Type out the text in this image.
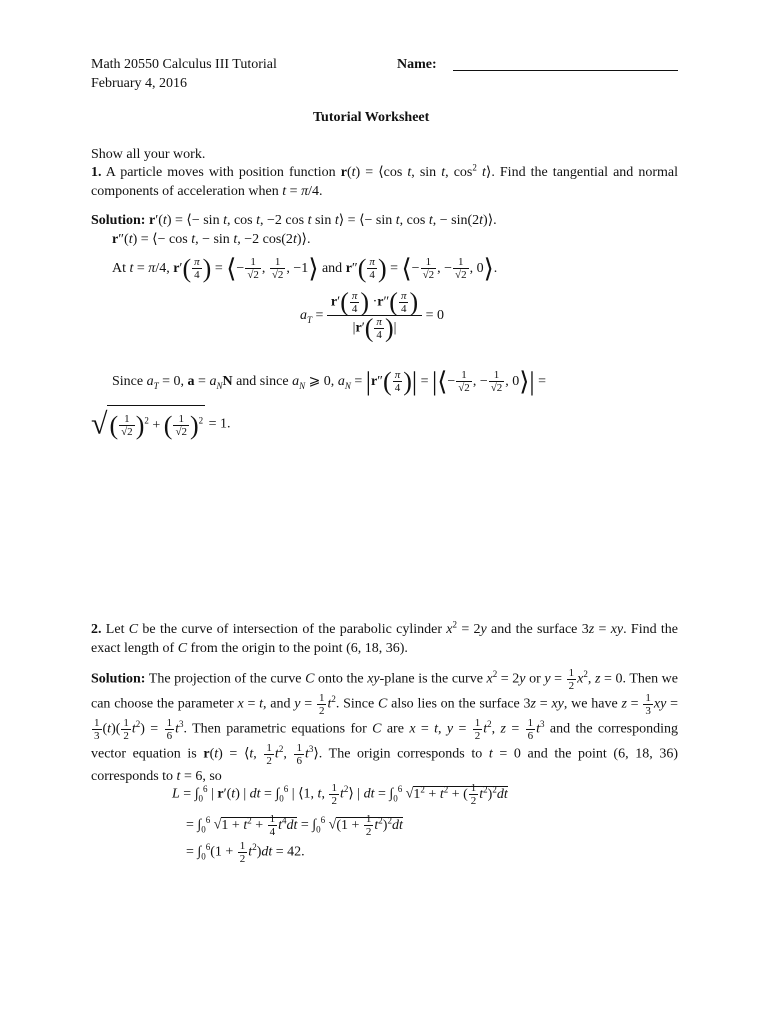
Math 20550 Calculus III Tutorial
February 4, 2016
Name:
Tutorial Worksheet
Show all your work.

1. A particle moves with position function r(t) = ⟨cos t, sin t, $\cos^2$ t⟩. Find the tangential and normal components of acceleration when t = π/4.

Solution: r′(t) = ⟨− sin t, cos t, −2 cos t sin t⟩ = ⟨− sin t, cos t, − sin(2t)⟩.
r″(t) = ⟨− cos t, − sin t, −2 cos(2t)⟩.
At t = π/4, $r'( \frac{\pi}{4}$ ) = ⟨− $\frac{1}{√2}$ , $\frac{1}{√2}$ , −1⟩ and $r''( \frac{\pi}{4}$ ) = ⟨− $\frac{1}{√2}$ , − $\frac{1}{√2}$ , 0⟩.
$a_T = \frac{r'( \frac{\pi}{4} ) \cdot r''( \frac{\pi}{4} )}{|r'( \frac{\pi}{4} )|} = 0$
Since $a_T = 0$, $a = a_NN$ and since $a_N$ ⩾ 0, $a_N = |r''( \frac{\pi}{4}$ )| = |⟨− $\frac{1}{√2}$ , − $\frac{1}{√2}$ , 0⟩| =
√( $\frac{1}{√2} )^2$ + ( $\frac{1}{√2} )^2 = 1$.

2. Let C be the curve of intersection of the parabolic cylinder $x^2 = 2y$ and the surface 3z = xy. Find the exact length of C from the origin to the point (6, 18, 36).

Solution: The projection of the curve C onto the xy-plane is the curve $x^2 = 2y$ or $y = \frac{1}{2} x^2$, z = 0. Then we can choose the parameter x = t, and $y = \frac{1}{2} t^2$. Since C also lies on the surface 3z = xy, we have $z = \frac{1}{3}$ xy =
$\frac{1}{3} (t)( \frac{1}{2} t^2) = \frac{1}{6} t^3$. Then parametric equations for C are x = t, $y = \frac{1}{2} t^2$, $z = \frac{1}{6} t^3$ and the corresponding vector equation is r(t) = ⟨t, $\frac{1}{2} t^2$, $\frac{1}{6}$ $t^3⟩$. The origin corresponds to t = 0 and the point (6, 18, 36) corresponds to t = 6, so

$L = \int_0^6$ | r′(t) | dt = $\int_0^6$ | ⟨1, t, $\frac{1}{2}$ $t^2⟩$ | dt = $\int_0^6$ $√1^2 + t^2$ + ( $\frac{1}{2} t^2)^2dt$
= $\int_0^6$ $√1 + t^2 + \frac{1}{4} t^4dt = \int_0^6$ $√(1 + \frac{1}{2} t^2)^2dt$
= $\int_0^6(1 + \frac{1}{2} t^2)dt = 42$.
